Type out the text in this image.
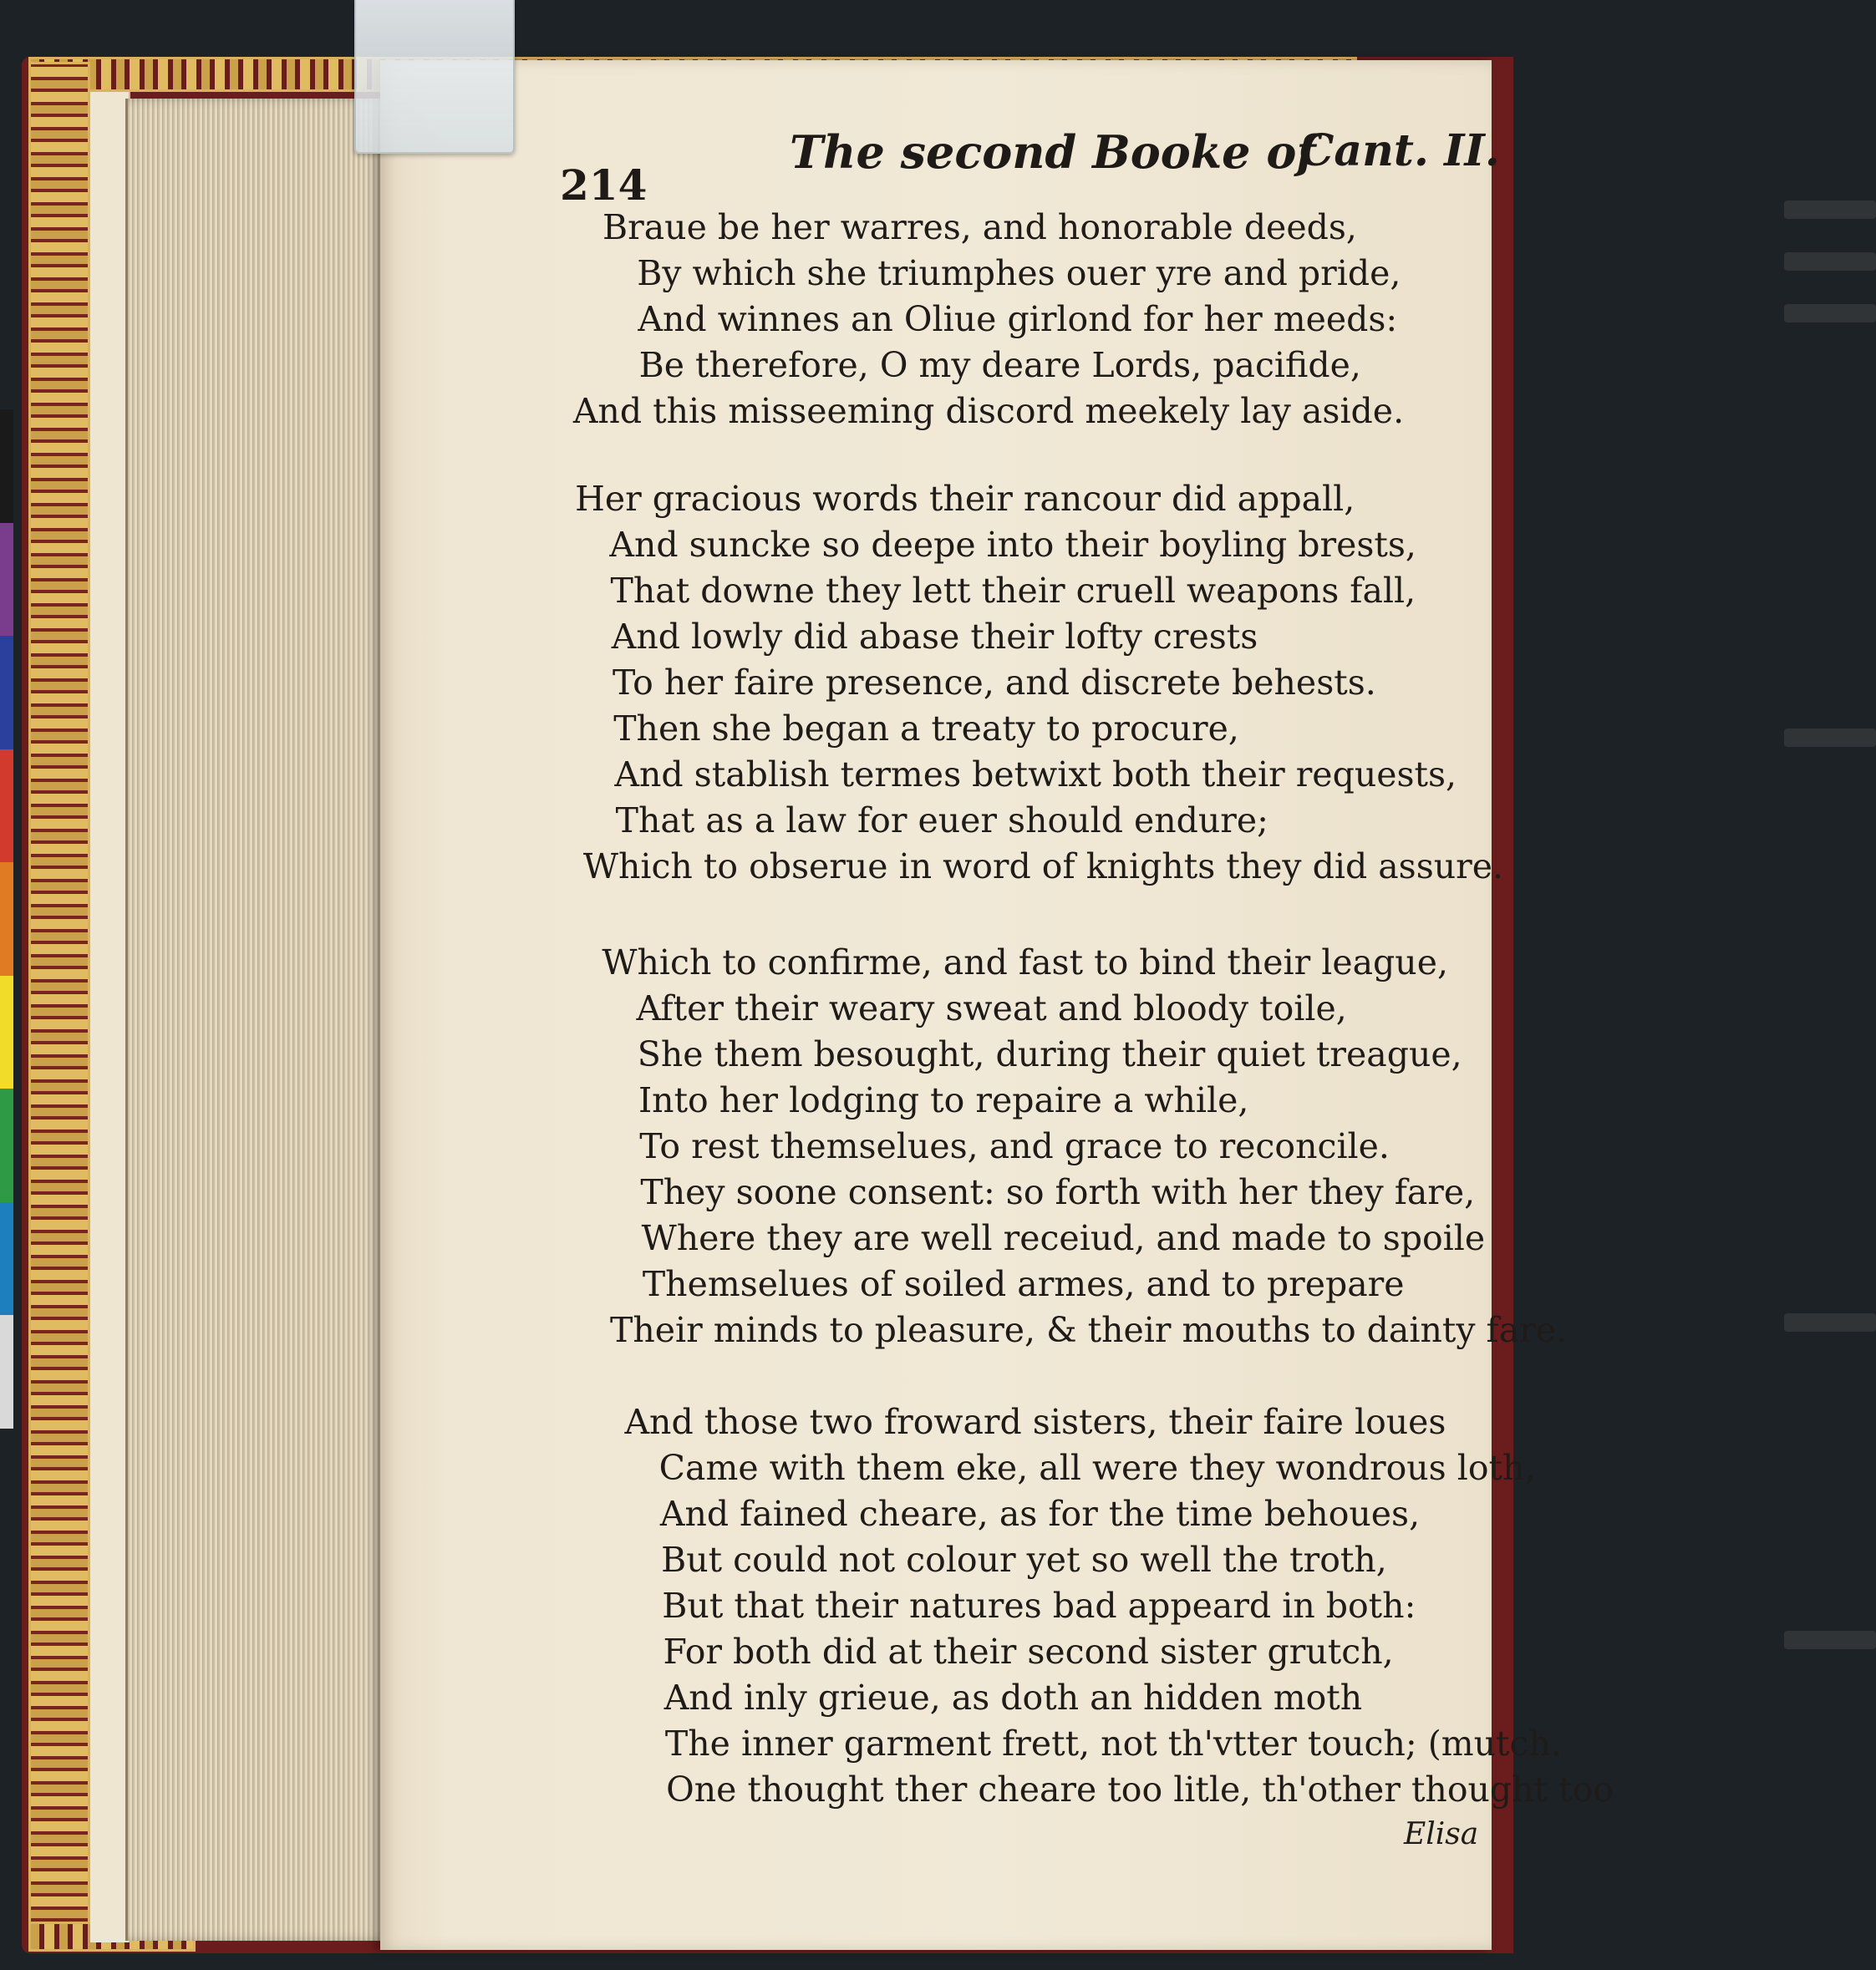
214
The second Booke of
Cant. II.
Braue be her warres, and honorable deeds,
By which she triumphes ouer yre and pride,
And winnes an Oliue girlond for her meeds:
Be therefore, O my deare Lords, pacifide,
And this misseeming discord meekely lay aside.
Her gracious words their rancour did appall,
And suncke so deepe into their boyling brests,
That downe they lett their cruell weapons fall,
And lowly did abase their lofty crests
To her faire presence, and discrete behests.
Then she began a treaty to procure,
And stablish termes betwixt both their requests,
That as a law for euer should endure;
Which to obserue in word of knights they did assure.
Which to confirme, and fast to bind their league,
After their weary sweat and bloody toile,
She them besought, during their quiet treague,
Into her lodging to repaire a while,
To rest themselues, and grace to reconcile.
They soone consent: so forth with her they fare,
Where they are well receiud, and made to spoile
Themselues of soiled armes, and to prepare
Their minds to pleasure, & their mouths to dainty fare.
And those two froward sisters, their faire loues
Came with them eke, all were they wondrous loth,
And fained cheare, as for the time behoues,
But could not colour yet so well the troth,
But that their natures bad appeard in both:
For both did at their second sister grutch,
And inly grieue, as doth an hidden moth
The inner garment frett, not th'vtter touch; (mutch.
One thought ther cheare too litle, th'other thought too
Elisa
